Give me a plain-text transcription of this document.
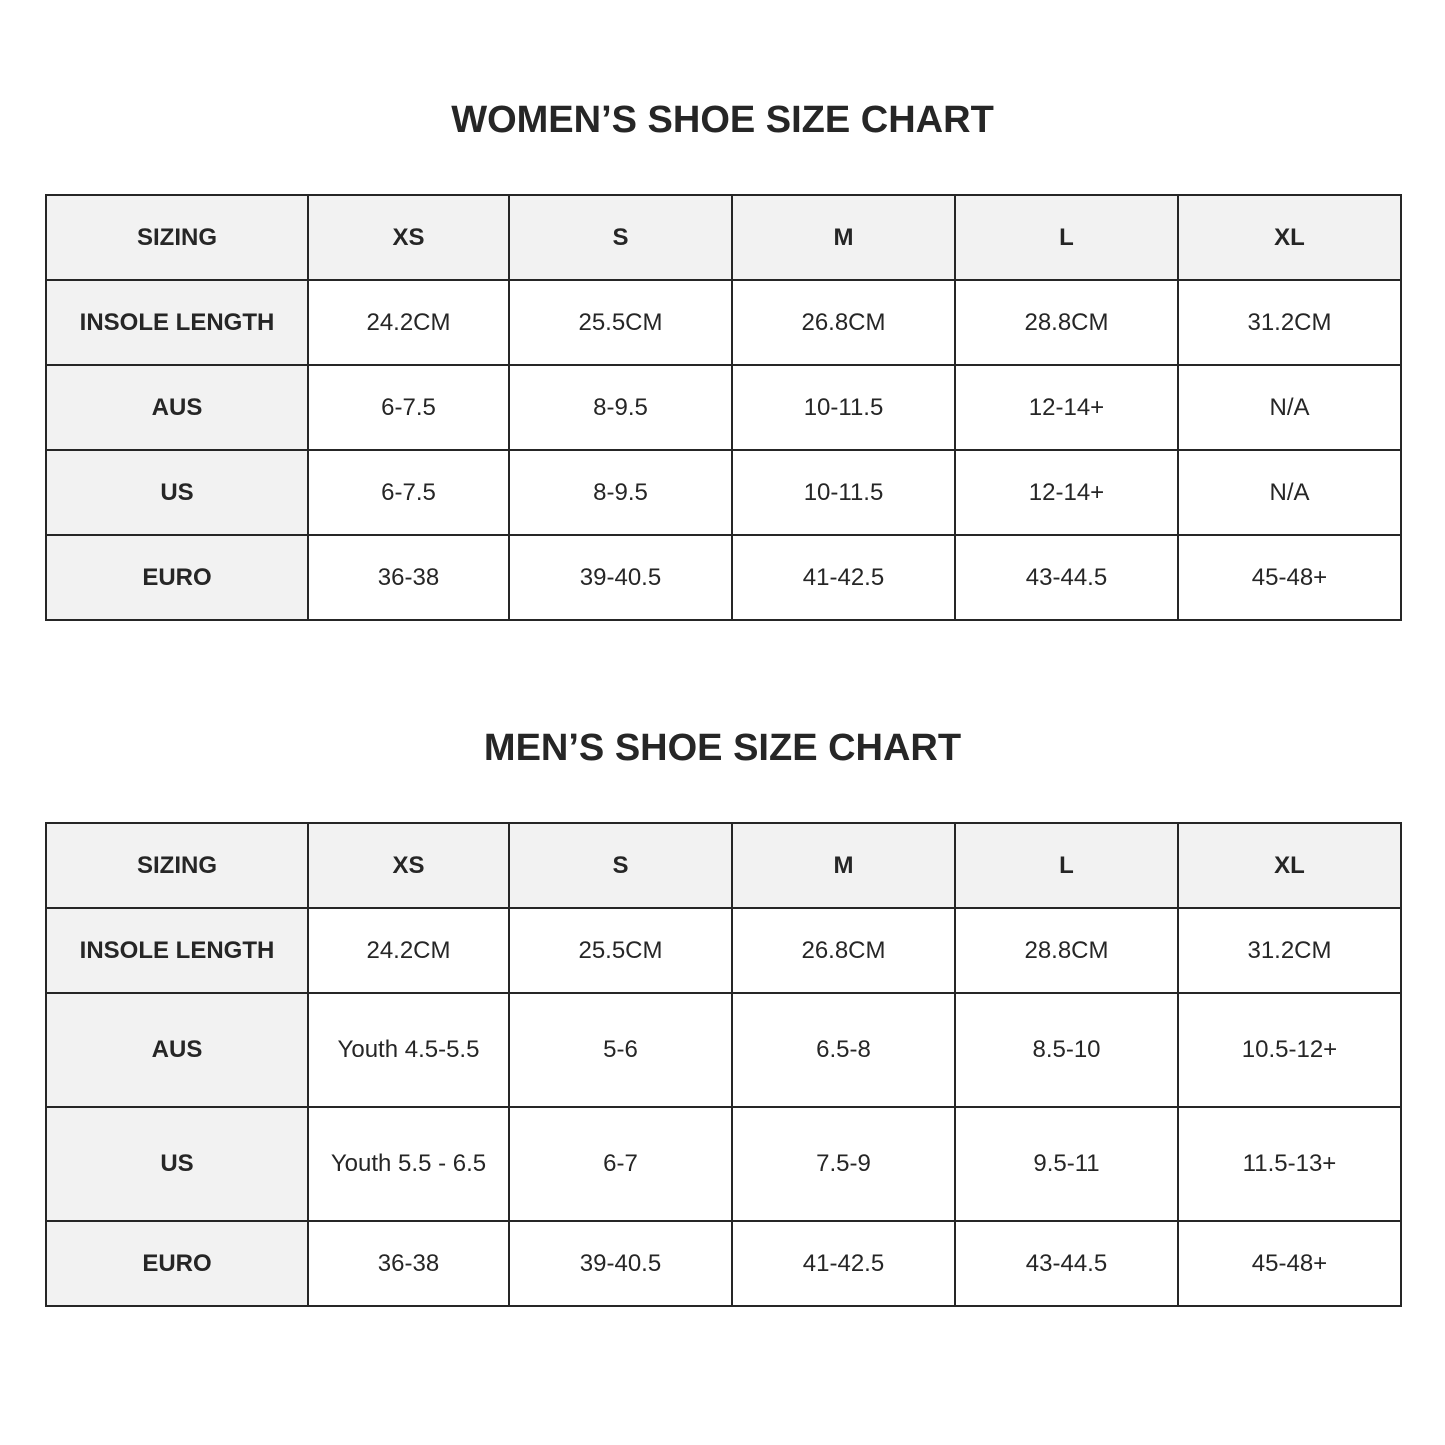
WOMEN’S SHOE SIZE CHART
SIZING	XS	S	M	L	XL
INSOLE LENGTH	24.2CM	25.5CM	26.8CM	28.8CM	31.2CM
AUS	6-7.5	8-9.5	10-11.5	12-14+	N/A
US	6-7.5	8-9.5	10-11.5	12-14+	N/A
EURO	36-38	39-40.5	41-42.5	43-44.5	45-48+
MEN’S SHOE SIZE CHART
SIZING	XS	S	M	L	XL
INSOLE LENGTH	24.2CM	25.5CM	26.8CM	28.8CM	31.2CM
AUS	Youth 4.5-5.5	5-6	6.5-8	8.5-10	10.5-12+
US	Youth 5.5 - 6.5	6-7	7.5-9	9.5-11	11.5-13+
EURO	36-38	39-40.5	41-42.5	43-44.5	45-48+
